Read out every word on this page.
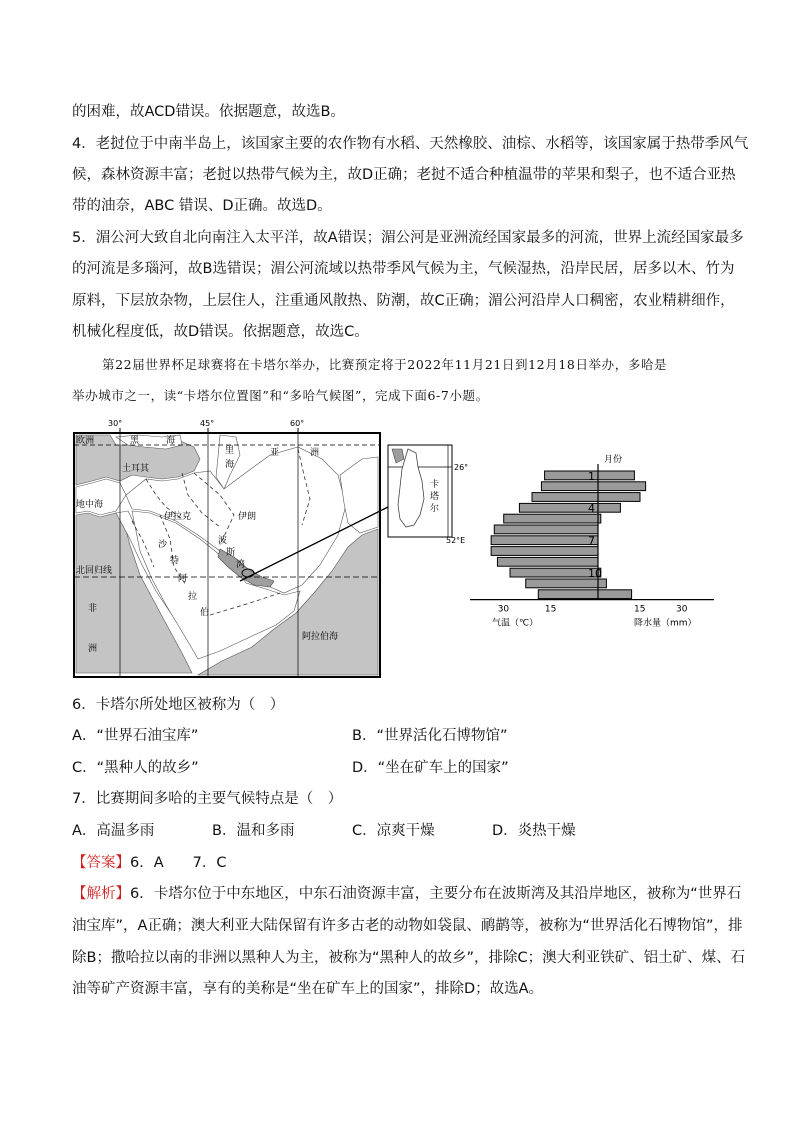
的困难，故ACD错误。依据题意，故选B。
4．老挝位于中南半岛上，该国家主要的农作物有水稻、天然橡胶、油棕、水稻等，该国家属于热带季风气
候，森林资源丰富；老挝以热带气候为主，故D正确；老挝不适合种植温带的苹果和梨子，也不适合亚热
带的油奈，ABC 错误、D正确。故选D。
5．湄公河大致自北向南注入太平洋，故A错误；湄公河是亚洲流经国家最多的河流，世界上流经国家最多
的河流是多瑙河，故B选错误；湄公河流域以热带季风气候为主，气候湿热，沿岸民居，居多以木、竹为
原料，下层放杂物，上层住人，注重通风散热、防潮，故C正确；湄公河沿岸人口稠密，农业精耕细作，
机械化程度低，故D错误。依据题意，故选C。
第22届世界杯足球赛将在卡塔尔举办，比赛预定将于2022年11月21日到12月18日举办，多哈是
举办城市之一，读“卡塔尔位置图”和“多哈气候图”，完成下面6-7小题。
30°	45°	60°
欧洲	黑	海
里
海
亚	洲
土耳其
地中海
伊拉克	伊朗
波
斯
湾
沙
特
阿
拉
伯
北回归线
非
洲
阿拉伯海
26°
52°E
卡
塔
尔
月份
1
4
7
10
30	15	15	30
气温（℃）	降水量（mm）
6．卡塔尔所处地区被称为（　）
A．“世界石油宝库”	B．“世界活化石博物馆”
C．“黑种人的故乡”	D．“坐在矿车上的国家”
7．比赛期间多哈的主要气候特点是（　）
A．高温多雨	B．温和多雨	C．凉爽干燥	D．炎热干燥
【答案】6．A　　7．C
【解析】6．卡塔尔位于中东地区，中东石油资源丰富，主要分布在波斯湾及其沿岸地区，被称为“世界石
油宝库”，A正确；澳大利亚大陆保留有许多古老的动物如袋鼠、鸸鹋等，被称为“世界活化石博物馆”，排
除B；撒哈拉以南的非洲以黑种人为主，被称为“黑种人的故乡”，排除C；澳大利亚铁矿、铝土矿、煤、石
油等矿产资源丰富，享有的美称是“坐在矿车上的国家”，排除D；故选A。
